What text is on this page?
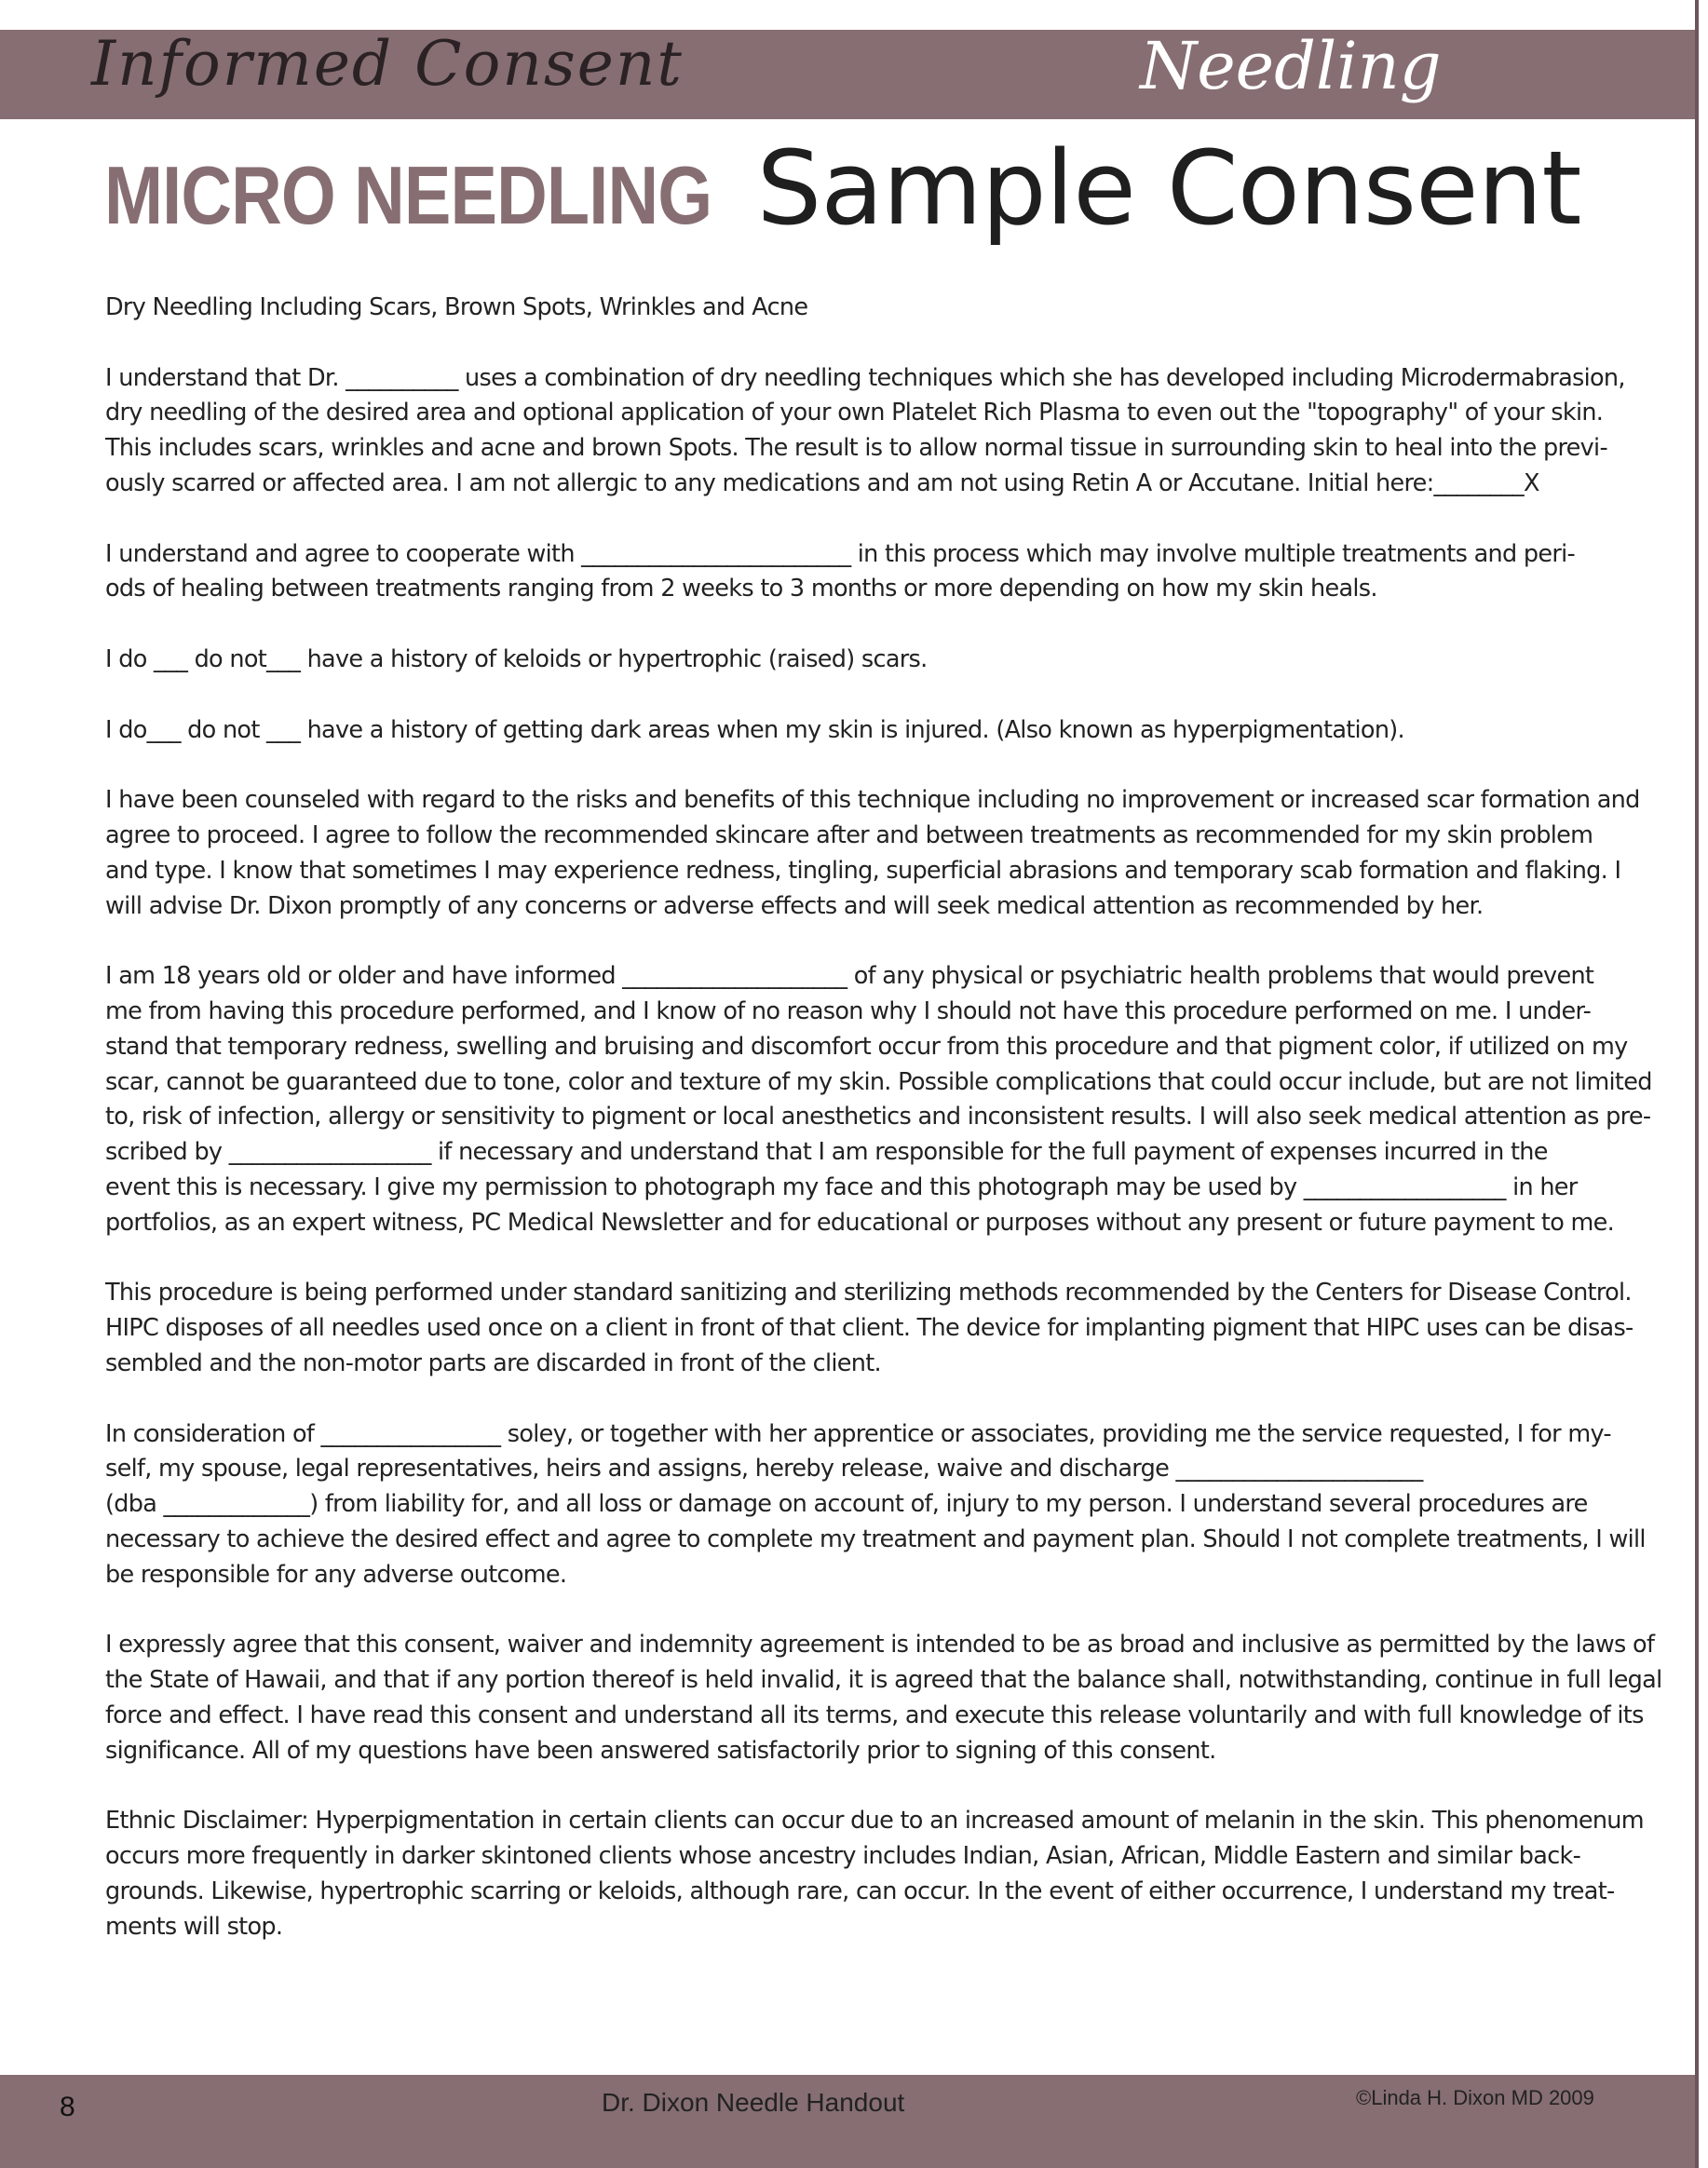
Informed Consent	Needling
MICRO NEEDLING Sample Consent
Dry Needling Including Scars, Brown Spots, Wrinkles and Acne
I understand that Dr. __________ uses a combination of dry needling techniques which she has developed including Microdermabrasion,
dry needling of the desired area and optional application of your own Platelet Rich Plasma to even out the "topography" of your skin.
This includes scars, wrinkles and acne and brown Spots. The result is to allow normal tissue in surrounding skin to heal into the previ-
ously scarred or affected area. I am not allergic to any medications and am not using Retin A or Accutane. Initial here:________X
I understand and agree to cooperate with ________________________ in this process which may involve multiple treatments and peri-
ods of healing between treatments ranging from 2 weeks to 3 months or more depending on how my skin heals.
I do ___ do not___ have a history of keloids or hypertrophic (raised) scars.
I do___ do not ___ have a history of getting dark areas when my skin is injured. (Also known as hyperpigmentation).
I have been counseled with regard to the risks and benefits of this technique including no improvement or increased scar formation and
agree to proceed. I agree to follow the recommended skincare after and between treatments as recommended for my skin problem
and type. I know that sometimes I may experience redness, tingling, superficial abrasions and temporary scab formation and flaking. I
will advise Dr. Dixon promptly of any concerns or adverse effects and will seek medical attention as recommended by her.
I am 18 years old or older and have informed ____________________ of any physical or psychiatric health problems that would prevent
me from having this procedure performed, and I know of no reason why I should not have this procedure performed on me. I under-
stand that temporary redness, swelling and bruising and discomfort occur from this procedure and that pigment color, if utilized on my
scar, cannot be guaranteed due to tone, color and texture of my skin. Possible complications that could occur include, but are not limited
to, risk of infection, allergy or sensitivity to pigment or local anesthetics and inconsistent results. I will also seek medical attention as pre-
scribed by __________________ if necessary and understand that I am responsible for the full payment of expenses incurred in the
event this is necessary. I give my permission to photograph my face and this photograph may be used by __________________ in her
portfolios, as an expert witness, PC Medical Newsletter and for educational or purposes without any present or future payment to me.
This procedure is being performed under standard sanitizing and sterilizing methods recommended by the Centers for Disease Control.
HIPC disposes of all needles used once on a client in front of that client. The device for implanting pigment that HIPC uses can be disas-
sembled and the non-motor parts are discarded in front of the client.
In consideration of ________________ soley, or together with her apprentice or associates, providing me the service requested, I for my-
self, my spouse, legal representatives, heirs and assigns, hereby release, waive and discharge ______________________
(dba _____________) from liability for, and all loss or damage on account of, injury to my person. I understand several procedures are
necessary to achieve the desired effect and agree to complete my treatment and payment plan. Should I not complete treatments, I will
be responsible for any adverse outcome.
I expressly agree that this consent, waiver and indemnity agreement is intended to be as broad and inclusive as permitted by the laws of
the State of Hawaii, and that if any portion thereof is held invalid, it is agreed that the balance shall, notwithstanding, continue in full legal
force and effect. I have read this consent and understand all its terms, and execute this release voluntarily and with full knowledge of its
significance. All of my questions have been answered satisfactorily prior to signing of this consent.
Ethnic Disclaimer: Hyperpigmentation in certain clients can occur due to an increased amount of melanin in the skin. This phenomenum
occurs more frequently in darker skintoned clients whose ancestry includes Indian, Asian, African, Middle Eastern and similar back-
grounds. Likewise, hypertrophic scarring or keloids, although rare, can occur. In the event of either occurrence, I understand my treat-
ments will stop.
8	Dr. Dixon Needle Handout	©Linda H. Dixon MD 2009
